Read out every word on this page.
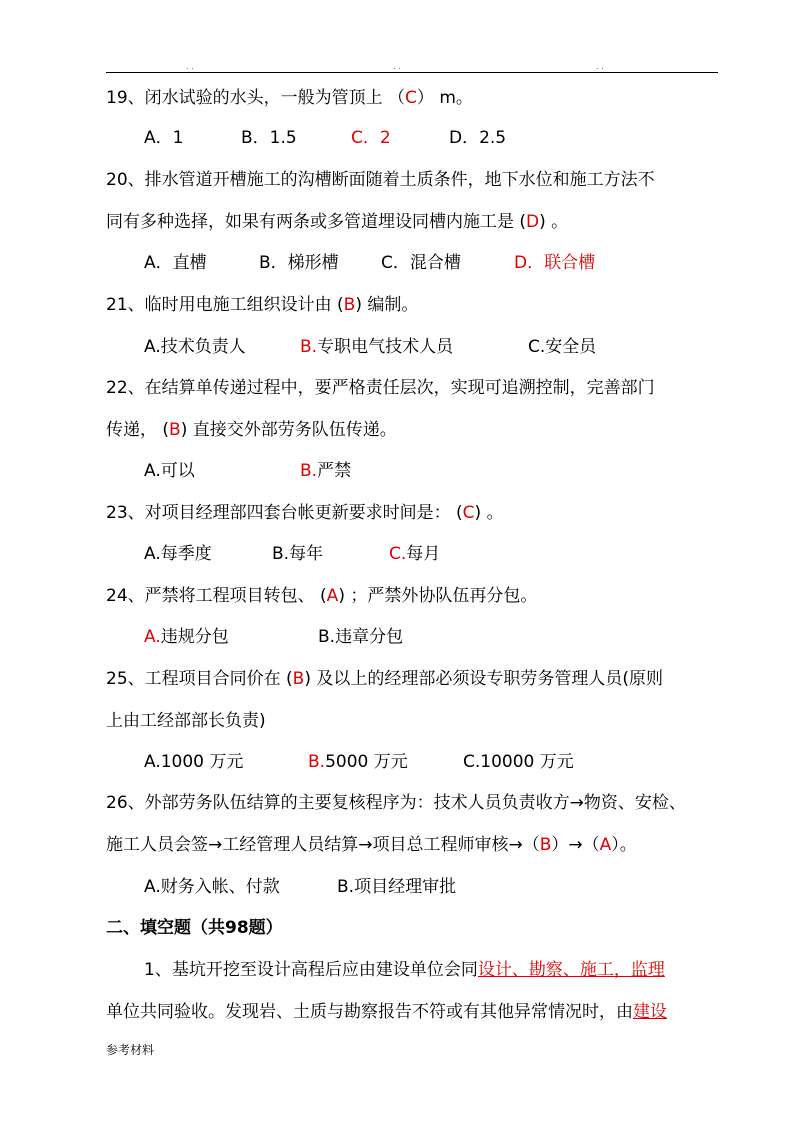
. .	. .	. .
19、闭水试验的水头，一般为管顶上 （C） m。
A．1	B．1.5	C．2	D．2.5
20、排水管道开槽施工的沟槽断面随着土质条件，地下水位和施工方法不
同有多种选择，如果有两条或多管道埋设同槽内施工是 (D) 。
A．直槽	B．梯形槽 C．混合槽	D．联合槽
21、临时用电施工组织设计由 (B) 编制。
A.技术负责人	B.专职电气技术人员	C.安全员
22、在结算单传递过程中，要严格责任层次，实现可追溯控制，完善部门
传递， (B) 直接交外部劳务队伍传递。
A.可以	B.严禁
23、对项目经理部四套台帐更新要求时间是： (C) 。
A.每季度	B.每年	C.每月
24、严禁将工程项目转包、 (A) ；严禁外协队伍再分包。
A.违规分包	B.违章分包
25、工程项目合同价在 (B) 及以上的经理部必须设专职劳务管理人员(原则
上由工经部部长负责)
A.1000 万元	B.5000 万元	C.10000 万元
26、外部劳务队伍结算的主要复核程序为：技术人员负责收方→物资、安检、
施工人员会签→工经管理人员结算→项目总工程师审核→（B）→（A）。
A.财务入帐、付款	B.项目经理审批
二、填空题（共98题）
1、基坑开挖至设计高程后应由建设单位会同设计、勘察、施工，监理
单位共同验收。发现岩、土质与勘察报告不符或有其他异常情况时，由建设
参考材料
